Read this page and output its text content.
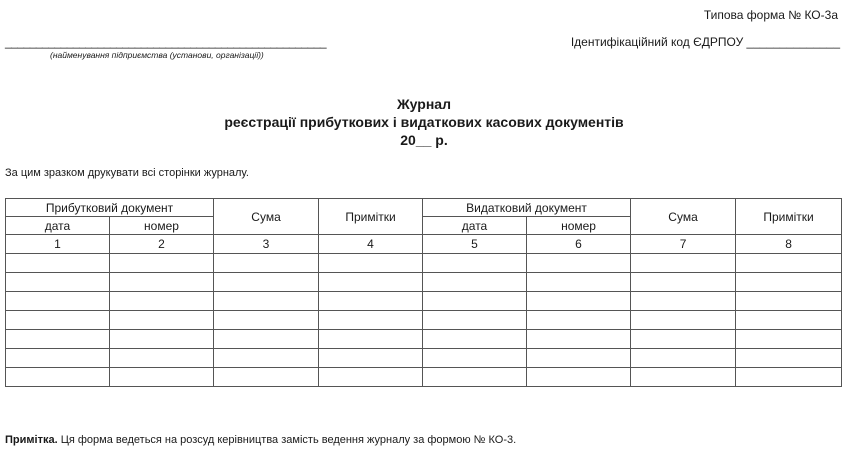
Типова форма № КО-3а
____________________________________________________
(найменування підприємства (установи, організації))
Ідентифікаційний код ЄДРПОУ ______________
Журнал
реєстрації прибуткових і видаткових касових документів
20__ р.
За цим зразком друкувати всі сторінки журналу.
Прибутковий документ		Сума	Примітки	Видатковий документ		Сума	Примітки
дата	номер			дата	номер		
1	2	3	4	5	6	7	8

Примітка. Ця форма ведеться на розсуд керівництва замість ведення журналу за формою № КО-3.
